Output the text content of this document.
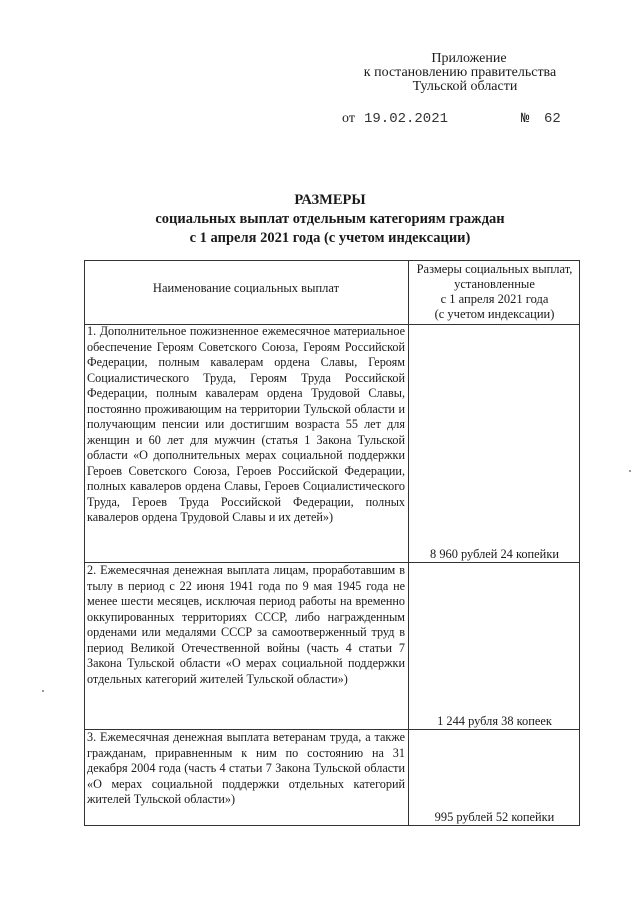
Приложение
к постановлению правительства
Тульской области
от 19.02.2021	№ 62
РАЗМЕРЫ
социальных выплат отдельным категориям граждан
с 1 апреля 2021 года (с учетом индексации)
Наименование социальных выплат
Размеры социальных выплат,
установленные
с 1 апреля 2021 года
(с учетом индексации)
1. Дополнительное пожизненное ежемесячное материальное обеспечение Героям Советского Союза, Героям Российской Федерации, полным кавалерам ордена Славы, Героям Социалистического Труда, Героям Труда Российской Федерации, полным кавалерам ордена Трудовой Славы, постоянно проживающим на территории Тульской области и получающим пенсии или достигшим возраста 55 лет для женщин и 60 лет для мужчин (статья 1 Закона Тульской области «О дополнительных мерах социальной поддержки Героев Советского Союза, Героев Российской Федерации, полных кавалеров ордена Славы, Героев Социалистического Труда, Героев Труда Российской Федерации, полных кавалеров ордена Трудовой Славы и их детей»)
8 960 рублей 24 копейки
2. Ежемесячная денежная выплата лицам, проработавшим в тылу в период с 22 июня 1941 года по 9 мая 1945 года не менее шести месяцев, исключая период работы на временно оккупированных территориях СССР, либо награжденным орденами или медалями СССР за самоотверженный труд в период Великой Отечественной войны (часть 4 статьи 7 Закона Тульской области «О мерах социальной поддержки отдельных категорий жителей Тульской области»)
1 244 рубля 38 копеек
3. Ежемесячная денежная выплата ветеранам труда, а также гражданам, приравненным к ним по состоянию на 31 декабря 2004 года (часть 4 статьи 7 Закона Тульской области «О мерах социальной поддержки отдельных категорий жителей Тульской области»)
995 рублей 52 копейки
